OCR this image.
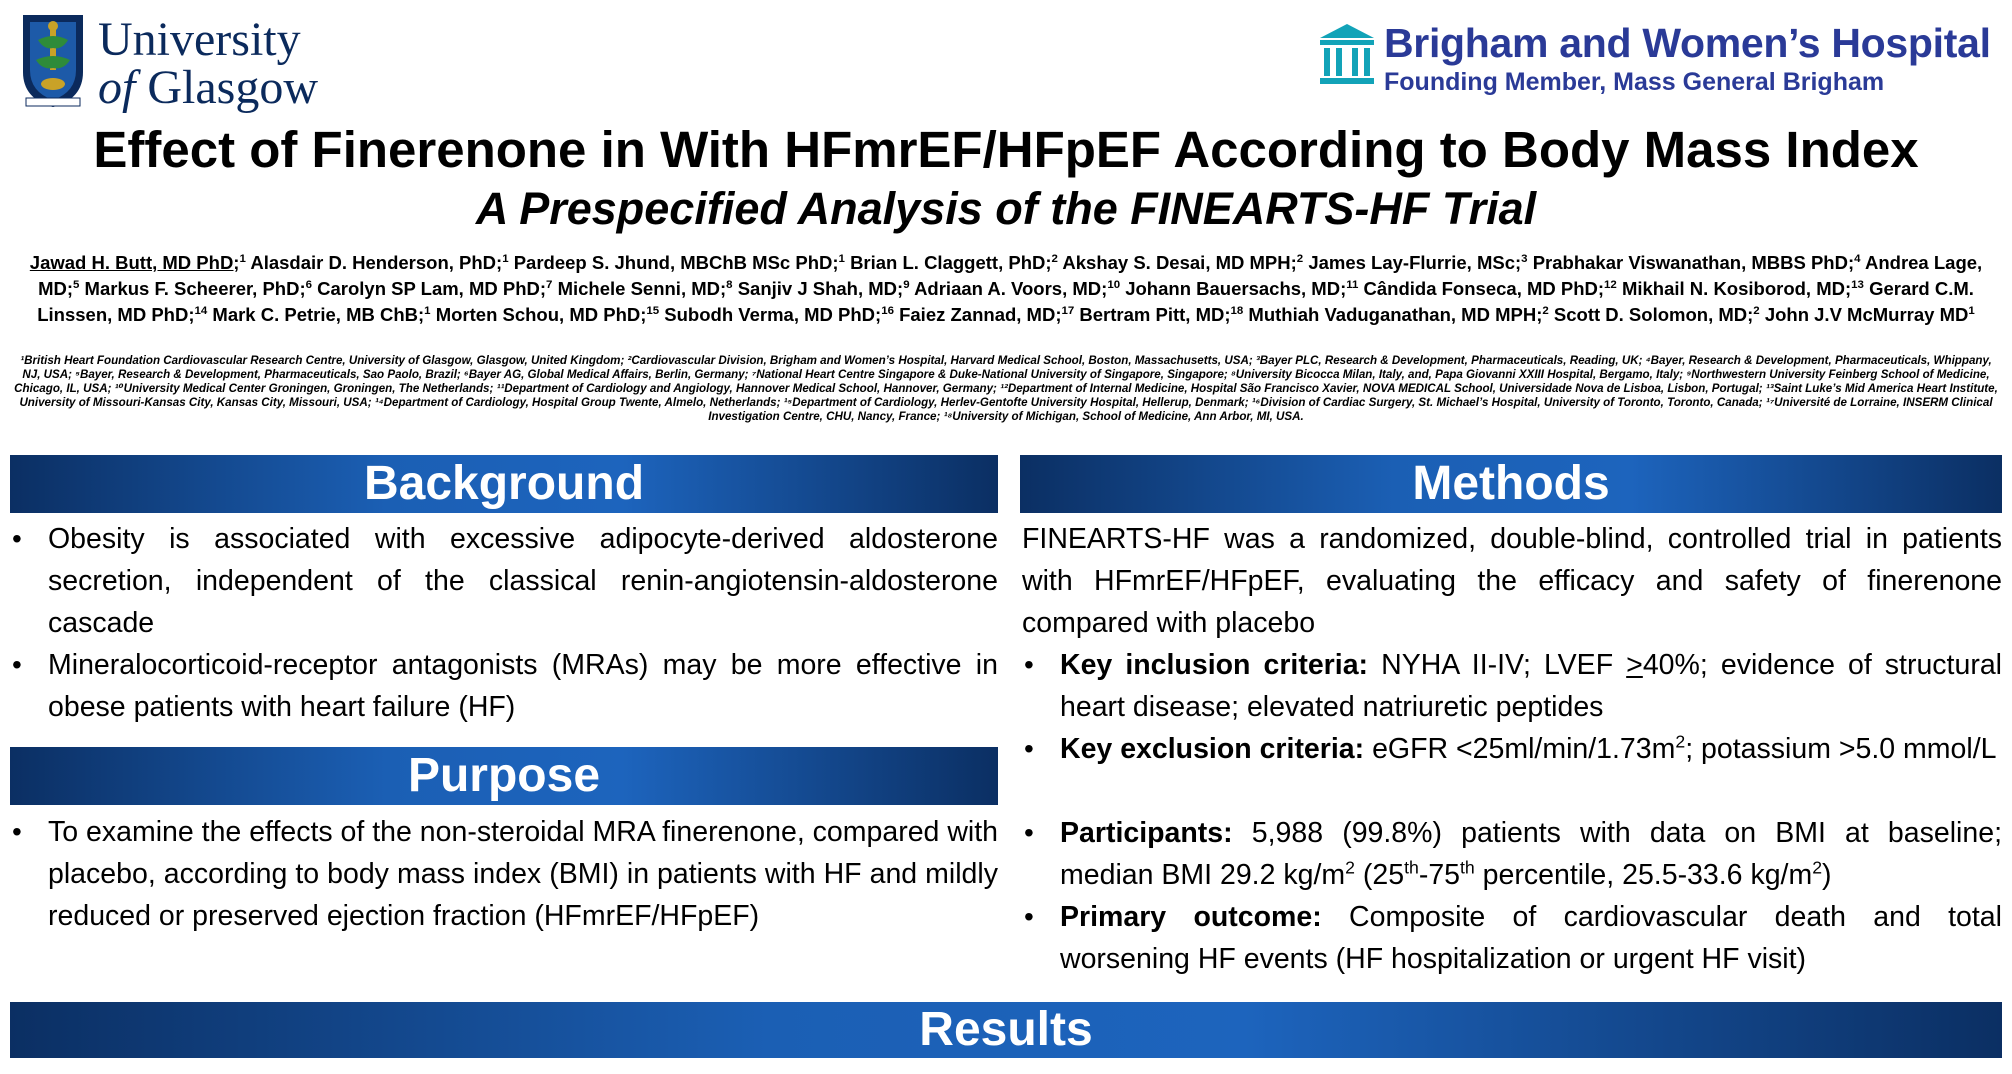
University
of Glasgow
Brigham and Women’s Hospital
Founding Member, Mass General Brigham
Effect of Finerenone in With HFmrEF/HFpEF According to Body Mass Index
A Prespecified Analysis of the FINEARTS-HF Trial
Jawad H. Butt, MD PhD;$^1$ Alasdair D. Henderson, PhD;$^1$ Pardeep S. Jhund, MBChB MSc PhD;$^1$ Brian L. Claggett, PhD;$^2$ Akshay S. Desai, MD MPH;$^2$ James Lay-Flurrie, MSc;$^3$ Prabhakar Viswanathan, MBBS PhD;$^4$ Andrea Lage, MD;$^5$ Markus F. Scheerer, PhD;$^6$ Carolyn SP Lam, MD PhD;$^7$ Michele Senni, MD;$^8$ Sanjiv J Shah, MD;$^9$ Adriaan A. Voors, MD;$^{10}$ Johann Bauersachs, MD;$^{11}$ Cândida Fonseca, MD PhD;$^{12}$ Mikhail N. Kosiborod, MD;$^{13}$ Gerard C.M. Linssen, MD PhD;$^{14}$ Mark C. Petrie, MB ChB;$^1$ Morten Schou, MD PhD;$^{15}$ Subodh Verma, MD PhD;$^{16}$ Faiez Zannad, MD;$^{17}$ Bertram Pitt, MD;$^{18}$ Muthiah Vaduganathan, MD MPH;$^2$ Scott D. Solomon, MD;$^2$ John J.V McMurray $MD^1$
¹British Heart Foundation Cardiovascular Research Centre, University of Glasgow, Glasgow, United Kingdom; ²Cardiovascular Division, Brigham and Women’s Hospital, Harvard Medical School, Boston, Massachusetts, USA; ³Bayer PLC, Research & Development, Pharmaceuticals, Reading, UK; ⁴Bayer, Research & Development, Pharmaceuticals, Whippany, NJ, USA; ⁵Bayer, Research & Development, Pharmaceuticals, Sao Paolo, Brazil; ⁶Bayer AG, Global Medical Affairs, Berlin, Germany; ⁷National Heart Centre Singapore & Duke-National University of Singapore, Singapore; ⁸University Bicocca Milan, Italy, and, Papa Giovanni XXIII Hospital, Bergamo, Italy; ⁹Northwestern University Feinberg School of Medicine, Chicago, IL, USA; ¹⁰University Medical Center Groningen, Groningen, The Netherlands; ¹¹Department of Cardiology and Angiology, Hannover Medical School, Hannover, Germany; ¹²Department of Internal Medicine, Hospital São Francisco Xavier, NOVA MEDICAL School, Universidade Nova de Lisboa, Lisbon, Portugal; ¹³Saint Luke’s Mid America Heart Institute, University of Missouri-Kansas City, Kansas City, Missouri, USA; ¹⁴Department of Cardiology, Hospital Group Twente, Almelo, Netherlands; ¹⁵Department of Cardiology, Herlev-Gentofte University Hospital, Hellerup, Denmark; ¹⁶Division of Cardiac Surgery, St. Michael’s Hospital, University of Toronto, Toronto, Canada; ¹⁷Université de Lorraine, INSERM Clinical Investigation Centre, CHU, Nancy, France; ¹⁸University of Michigan, School of Medicine, Ann Arbor, MI, USA.
Background
• Obesity is associated with excessive adipocyte-derived aldosterone secretion, independent of the classical renin-angiotensin-aldosterone cascade
• Mineralocorticoid-receptor antagonists (MRAs) may be more effective in obese patients with heart failure (HF)
Purpose
• To examine the effects of the non-steroidal MRA finerenone, compared with placebo, according to body mass index (BMI) in patients with HF and mildly reduced or preserved ejection fraction (HFmrEF/HFpEF)
Methods
FINEARTS-HF was a randomized, double-blind, controlled trial in patients with HFmrEF/HFpEF, evaluating the efficacy and safety of finerenone compared with placebo
• Key inclusion criteria: NYHA II-IV; LVEF >40%; evidence of structural heart disease; elevated natriuretic peptides
• Key exclusion criteria: eGFR $<25ml/\min/1.73m^2$; potassium >5.0 mmol/L
• Participants: 5,988 (99.8%) patients with data on BMI at baseline; median BMI 29.2 $kg/m^2$ (25th-75th percentile, 25.5-33.6 $kg/m^2$)
• Primary outcome: Composite of cardiovascular death and total worsening HF events (HF hospitalization or urgent HF visit)
Results
